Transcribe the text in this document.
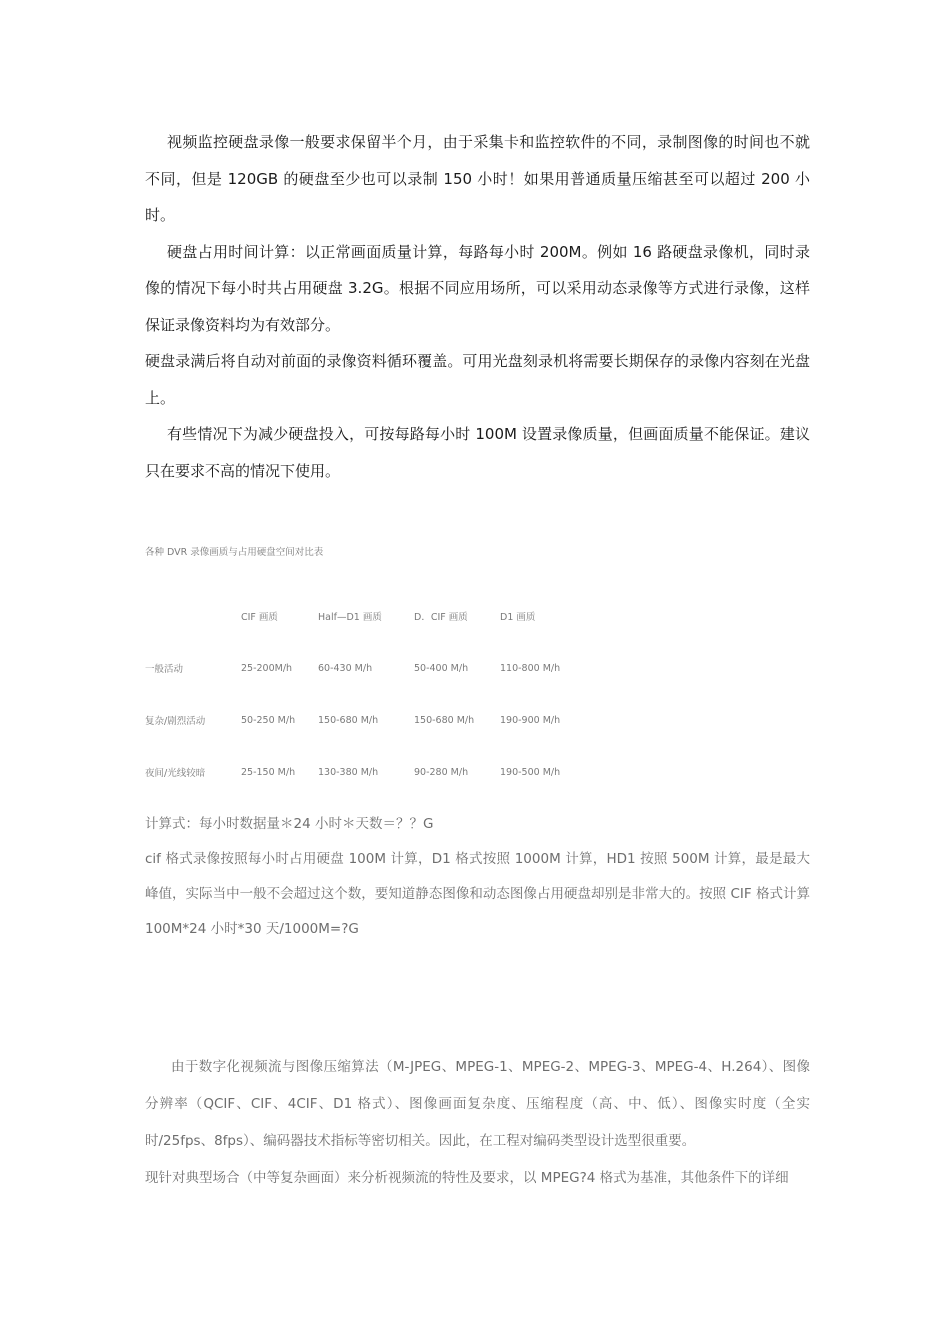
视频监控硬盘录像一般要求保留半个月，由于采集卡和监控软件的不同，录制图像的时间也不就不同，但是 120GB 的硬盘至少也可以录制 150 小时！如果用普通质量压缩甚至可以超过 200 小时。

硬盘占用时间计算：以正常画面质量计算，每路每小时 200M。例如 16 路硬盘录像机，同时录像的情况下每小时共占用硬盘 3.2G。根据不同应用场所，可以采用动态录像等方式进行录像，这样保证录像资料均为有效部分。

硬盘录满后将自动对前面的录像资料循环覆盖。可用光盘刻录机将需要长期保存的录像内容刻在光盘上。

有些情况下为减少硬盘投入，可按每路每小时 100M 设置录像质量，但画面质量不能保证。建议只在要求不高的情况下使用。

各种 DVR 录像画质与占用硬盘空间对比表
	CIF 画质	Half—D1 画质	D．CIF 画质	D1 画质
一般活动	25-200M/h	60-430 M/h	50-400 M/h	110-800 M/h
复杂/剧烈活动	50-250 M/h	150-680 M/h	150-680 M/h	190-900 M/h
夜间/光线较暗	25-150 M/h	130-380 M/h	90-280 M/h	190-500 M/h

计算式：每小时数据量＊24 小时＊天数＝？？G

cif 格式录像按照每小时占用硬盘 100M 计算，D1 格式按照 1000M 计算，HD1 按照 500M 计算，最是最大峰值，实际当中一般不会超过这个数，要知道静态图像和动态图像占用硬盘却别是非常大的。按照 CIF 格式计算 100M*24 小时*30 天/1000M=?G

由于数字化视频流与图像压缩算法（M-JPEG、MPEG-1、MPEG-2、MPEG-3、MPEG-4、H.264）、图像分辨率（QCIF、CIF、4CIF、D1 格式）、图像画面复杂度、压缩程度（高、中、低）、图像实时度（全实时/25fps、8fps）、编码器技术指标等密切相关。因此，在工程对编码类型设计选型很重要。

现针对典型场合（中等复杂画面）来分析视频流的特性及要求，以 MPEG?4 格式为基准，其他条件下的详细
